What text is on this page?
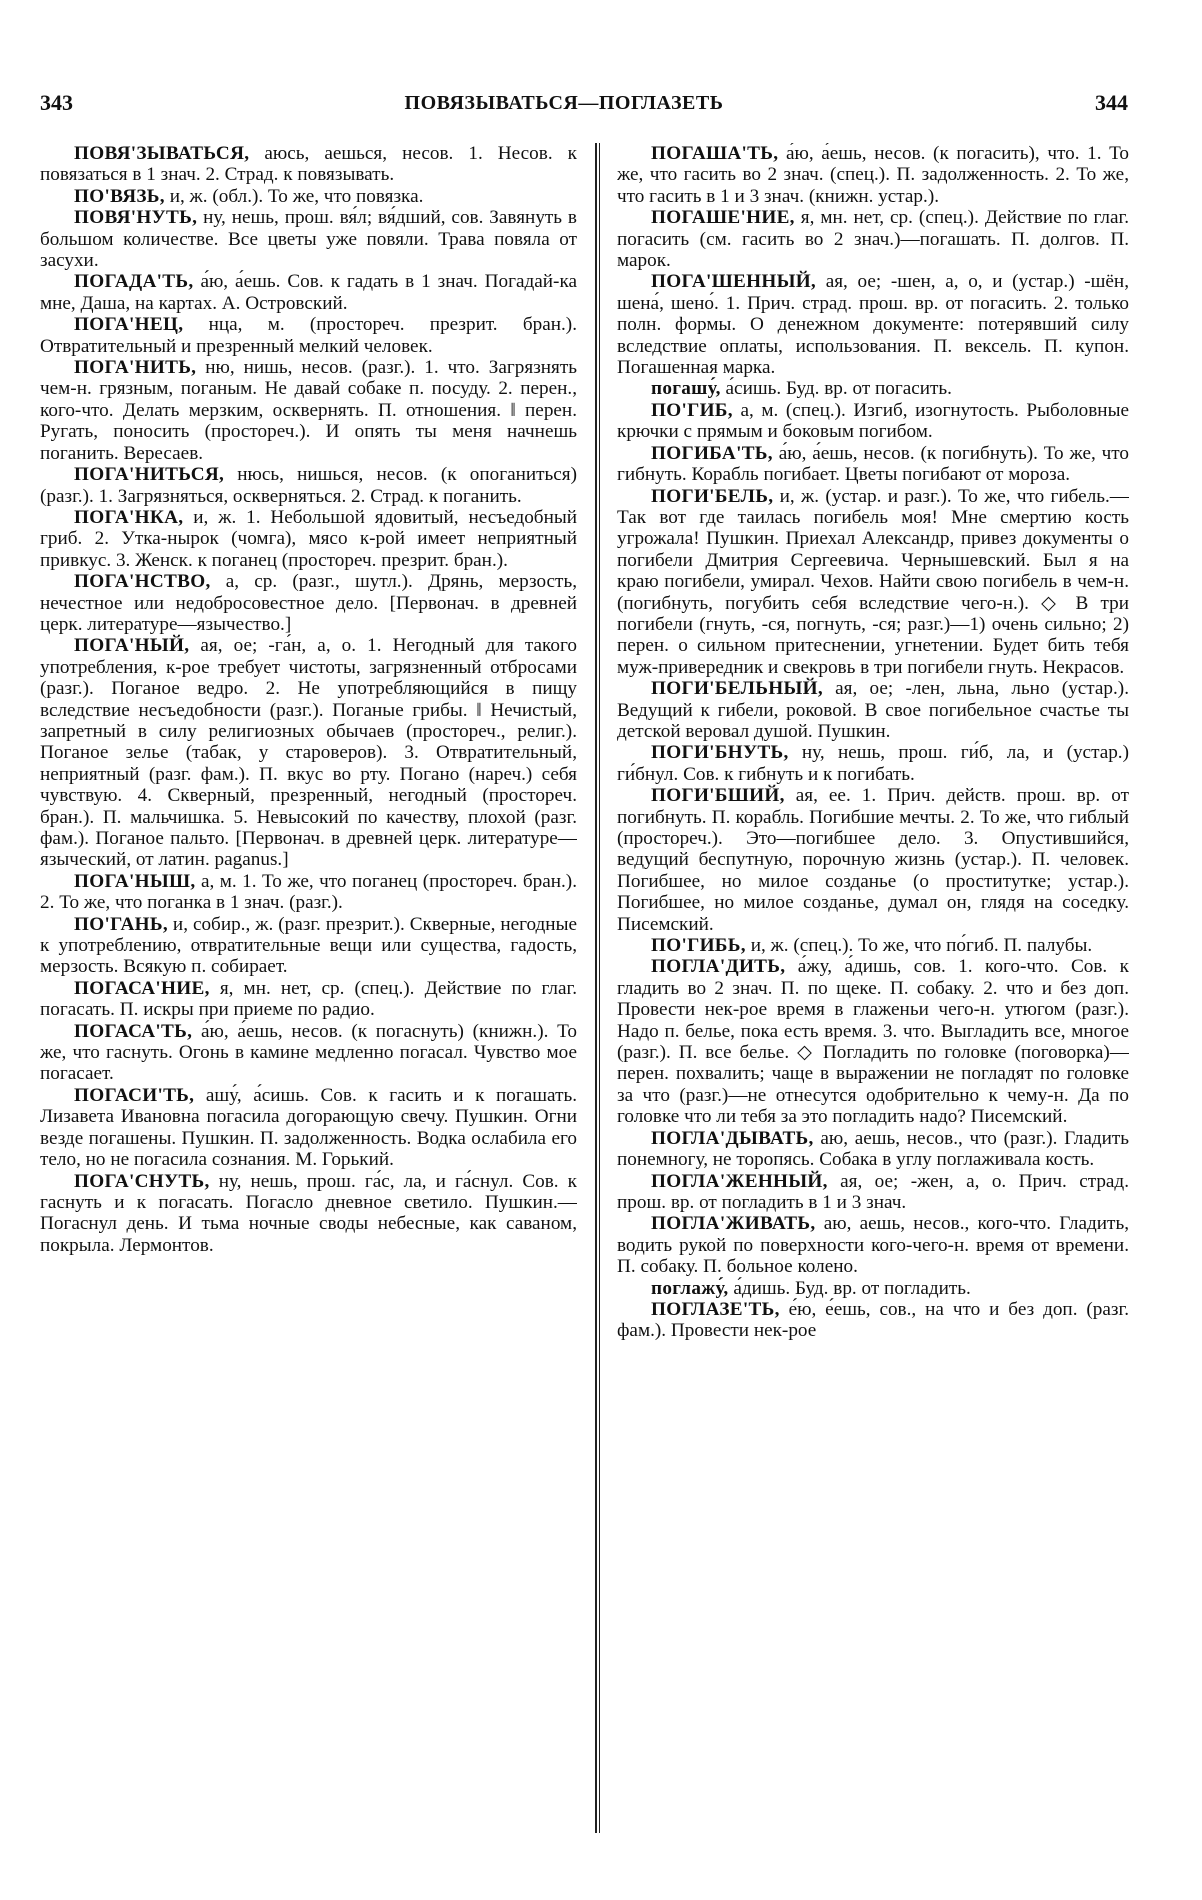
343	ПОВЯЗЫВАТЬСЯ—ПОГЛАЗЕТЬ	344

ПОВЯ'ЗЫВАТЬСЯ, аюсь, аешься, несов. 1. Несов. к повязаться в 1 знач. 2. Страд. к повязывать.

ПО'ВЯЗЬ, и, ж. (обл.). То же, что повязка.

ПОВЯ'НУТЬ, ну, нешь, прош. вя́л; вя́дший, сов. Завянуть в большом количестве. Все цветы уже повяли. Трава повяла от засухи.

ПОГАДА'ТЬ, а́ю, а́ешь. Сов. к гадать в 1 знач. Погадай-ка мне, Даша, на картах. А. Островский.

ПОГА'НЕЦ, нца, м. (простореч. презрит. бран.). Отвратительный и презренный мелкий человек.

ПОГА'НИТЬ, ню, нишь, несов. (разг.). 1. что. Загрязнять чем-н. грязным, поганым. Не давай собаке п. посуду. 2. перен., кого-что. Делать мерзким, осквернять. П. отношения. ‖ перен. Ругать, поносить (простореч.). И опять ты меня начнешь поганить. Вересаев.

ПОГА'НИТЬСЯ, нюсь, нишься, несов. (к опоганиться) (разг.). 1. Загрязняться, оскверняться. 2. Страд. к поганить.

ПОГА'НКА, и, ж. 1. Небольшой ядовитый, несъедобный гриб. 2. Утка-нырок (чомга), мясо к-рой имеет неприятный привкус. 3. Женск. к поганец (простореч. презрит. бран.).

ПОГА'НСТВО, а, ср. (разг., шутл.). Дрянь, мерзость, нечестное или недобросовестное дело. [Первонач. в древней церк. литературе—язычество.]

ПОГА'НЫЙ, ая, ое; -га́н, а, о. 1. Негодный для такого употребления, к-рое требует чистоты, загрязненный отбросами (разг.). Поганое ведро. 2. Не употребляющийся в пищу вследствие несъедобности (разг.). Поганые грибы. ‖ Нечистый, запретный в силу религиозных обычаев (простореч., религ.). Поганое зелье (табак, у староверов). 3. Отвратительный, неприятный (разг. фам.). П. вкус во рту. Погано (нареч.) себя чувствую. 4. Скверный, презренный, негодный (простореч. бран.). П. мальчишка. 5. Невысокий по качеству, плохой (разг. фам.). Поганое пальто. [Первонач. в древней церк. литературе—языческий, от латин. paganus.]

ПОГА'НЫШ, а, м. 1. То же, что поганец (простореч. бран.). 2. То же, что поганка в 1 знач. (разг.).

ПО'ГАНЬ, и, собир., ж. (разг. презрит.). Скверные, негодные к употреблению, отвратительные вещи или существа, гадость, мерзость. Всякую п. собирает.

ПОГАСА'НИЕ, я, мн. нет, ср. (спец.). Действие по глаг. погасать. П. искры при приеме по радио.

ПОГАСА'ТЬ, а́ю, а́ешь, несов. (к погаснуть) (книжн.). То же, что гаснуть. Огонь в камине медленно погасал. Чувство мое погасает.

ПОГАСИ'ТЬ, ашу́, а́сишь. Сов. к гасить и к погашать. Лизавета Ивановна погасила догорающую свечу. Пушкин. Огни везде погашены. Пушкин. П. задолженность. Водка ослабила его тело, но не погасила сознания. М. Горький.

ПОГА'СНУТЬ, ну, нешь, прош. га́с, ла, и га́снул. Сов. к гаснуть и к погасать. Погасло дневное светило. Пушкин.—Погаснул день. И тьма ночные своды небесные, как саваном, покрыла. Лермонтов.

ПОГАША'ТЬ, а́ю, а́ешь, несов. (к погасить), что. 1. То же, что гасить во 2 знач. (спец.). П. задолженность. 2. То же, что гасить в 1 и 3 знач. (книжн. устар.).

ПОГАШЕ'НИЕ, я, мн. нет, ср. (спец.). Действие по глаг. погасить (см. гасить во 2 знач.)—погашать. П. долгов. П. марок.

ПОГА'ШЕННЫЙ, ая, ое; -шен, а, о, и (устар.) -шён, шена́, шено́. 1. Прич. страд. прош. вр. от погасить. 2. только полн. формы. О денежном документе: потерявший силу вследствие оплаты, использования. П. вексель. П. купон. Погашенная марка.

погашу́, а́сишь. Буд. вр. от погасить.

ПО'ГИБ, а, м. (спец.). Изгиб, изогнутость. Рыболовные крючки с прямым и боковым погибом.

ПОГИБА'ТЬ, а́ю, а́ешь, несов. (к погибнуть). То же, что гибнуть. Корабль погибает. Цветы погибают от мороза.

ПОГИ'БЕЛЬ, и, ж. (устар. и разг.). То же, что гибель.—Так вот где таилась погибель моя! Мне смертию кость угрожала! Пушкин. Приехал Александр, привез документы о погибели Дмитрия Сергеевича. Чернышевский. Был я на краю погибели, умирал. Чехов. Найти свою погибель в чем-н. (погибнуть, погубить себя вследствие чего-н.). ◇ В три погибели (гнуть, -ся, погнуть, -ся; разг.)—1) очень сильно; 2) перен. о сильном притеснении, угнетении. Будет бить тебя муж-привередник и свекровь в три погибели гнуть. Некрасов.

ПОГИ'БЕЛЬНЫЙ, ая, ое; -лен, льна, льно (устар.). Ведущий к гибели, роковой. В свое погибельное счастье ты детской веровал душой. Пушкин.

ПОГИ'БНУТЬ, ну, нешь, прош. ги́б, ла, и (устар.) ги́бнул. Сов. к гибнуть и к погибать.

ПОГИ'БШИЙ, ая, ее. 1. Прич. действ. прош. вр. от погибнуть. П. корабль. Погибшие мечты. 2. То же, что гиблый (простореч.). Это—погибшее дело. 3. Опустившийся, ведущий беспутную, порочную жизнь (устар.). П. человек. Погибшее, но милое созданье (о проститутке; устар.). Погибшее, но милое созданье, думал он, глядя на соседку. Писемский.

ПО'ГИБЬ, и, ж. (спец.). То же, что по́гиб. П. палубы.

ПОГЛА'ДИТЬ, а́жу, а́дишь, сов. 1. кого-что. Сов. к гладить во 2 знач. П. по щеке. П. собаку. 2. что и без доп. Провести нек-рое время в глаженьи чего-н. утюгом (разг.). Надо п. белье, пока есть время. 3. что. Выгладить все, многое (разг.). П. все белье. ◇ Погладить по головке (поговорка)—перен. похвалить; чаще в выражении не погладят по головке за что (разг.)—не отнесутся одобрительно к чему-н. Да по головке что ли тебя за это погладить надо? Писемский.

ПОГЛА'ДЫВАТЬ, аю, аешь, несов., что (разг.). Гладить понемногу, не торопясь. Собака в углу поглаживала кость.

ПОГЛА'ЖЕННЫЙ, ая, ое; -жен, а, о. Прич. страд. прош. вр. от погладить в 1 и 3 знач.

ПОГЛА'ЖИВАТЬ, аю, аешь, несов., кого-что. Гладить, водить рукой по поверхности кого-чего-н. время от времени. П. собаку. П. больное колено.

поглажу́, а́дишь. Буд. вр. от погладить.

ПОГЛАЗЕ'ТЬ, е́ю, е́ешь, сов., на что и без доп. (разг. фам.). Провести нек-рое
